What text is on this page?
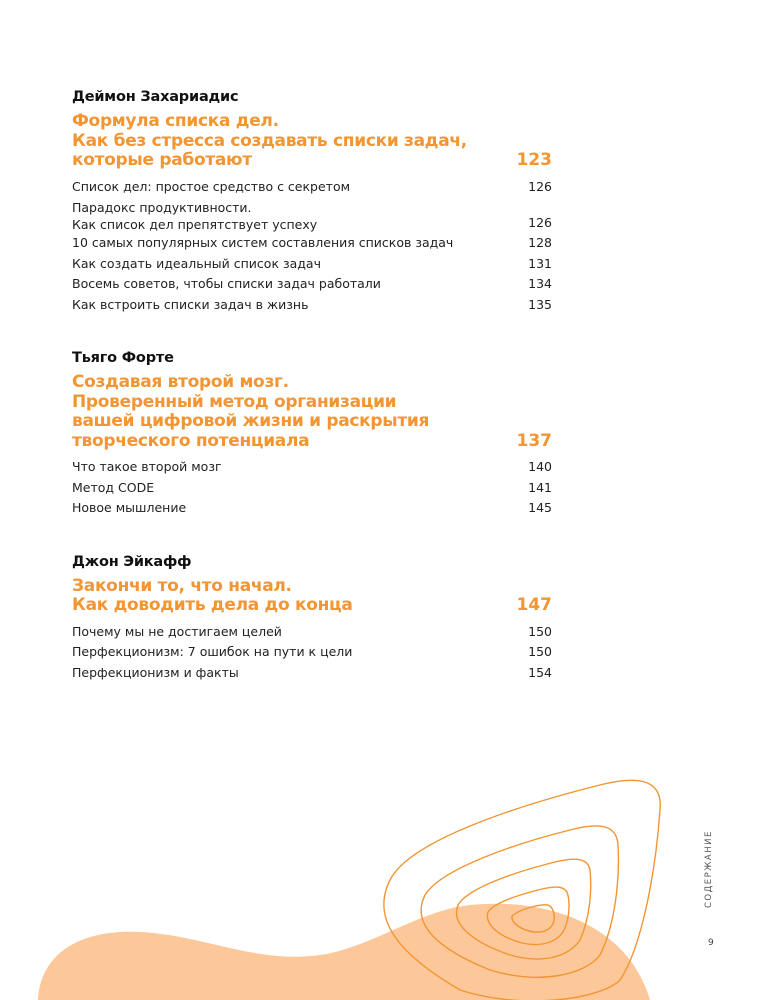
Деймон Захариадис
Формула списка дел.
Как без стресса создавать списки задач,
которые работают	123
Список дел: простое средство с секретом	126
Парадокс продуктивности.
Как список дел препятствует успеху	126
10 самых популярных систем составления списков задач	128
Как создать идеальный список задач	131
Восемь советов, чтобы списки задач работали	134
Как встроить списки задач в жизнь	135
Тьяго Форте
Создавая второй мозг.
Проверенный метод организации
вашей цифровой жизни и раскрытия
творческого потенциала	137
Что такое второй мозг	140
Метод CODE	141
Новое мышление	145
Джон Эйкафф
Закончи то, что начал.
Как доводить дела до конца	147
Почему мы не достигаем целей	150
Перфекционизм: 7 ошибок на пути к цели	150
Перфекционизм и факты	154
СОДЕРЖАНИЕ
9
